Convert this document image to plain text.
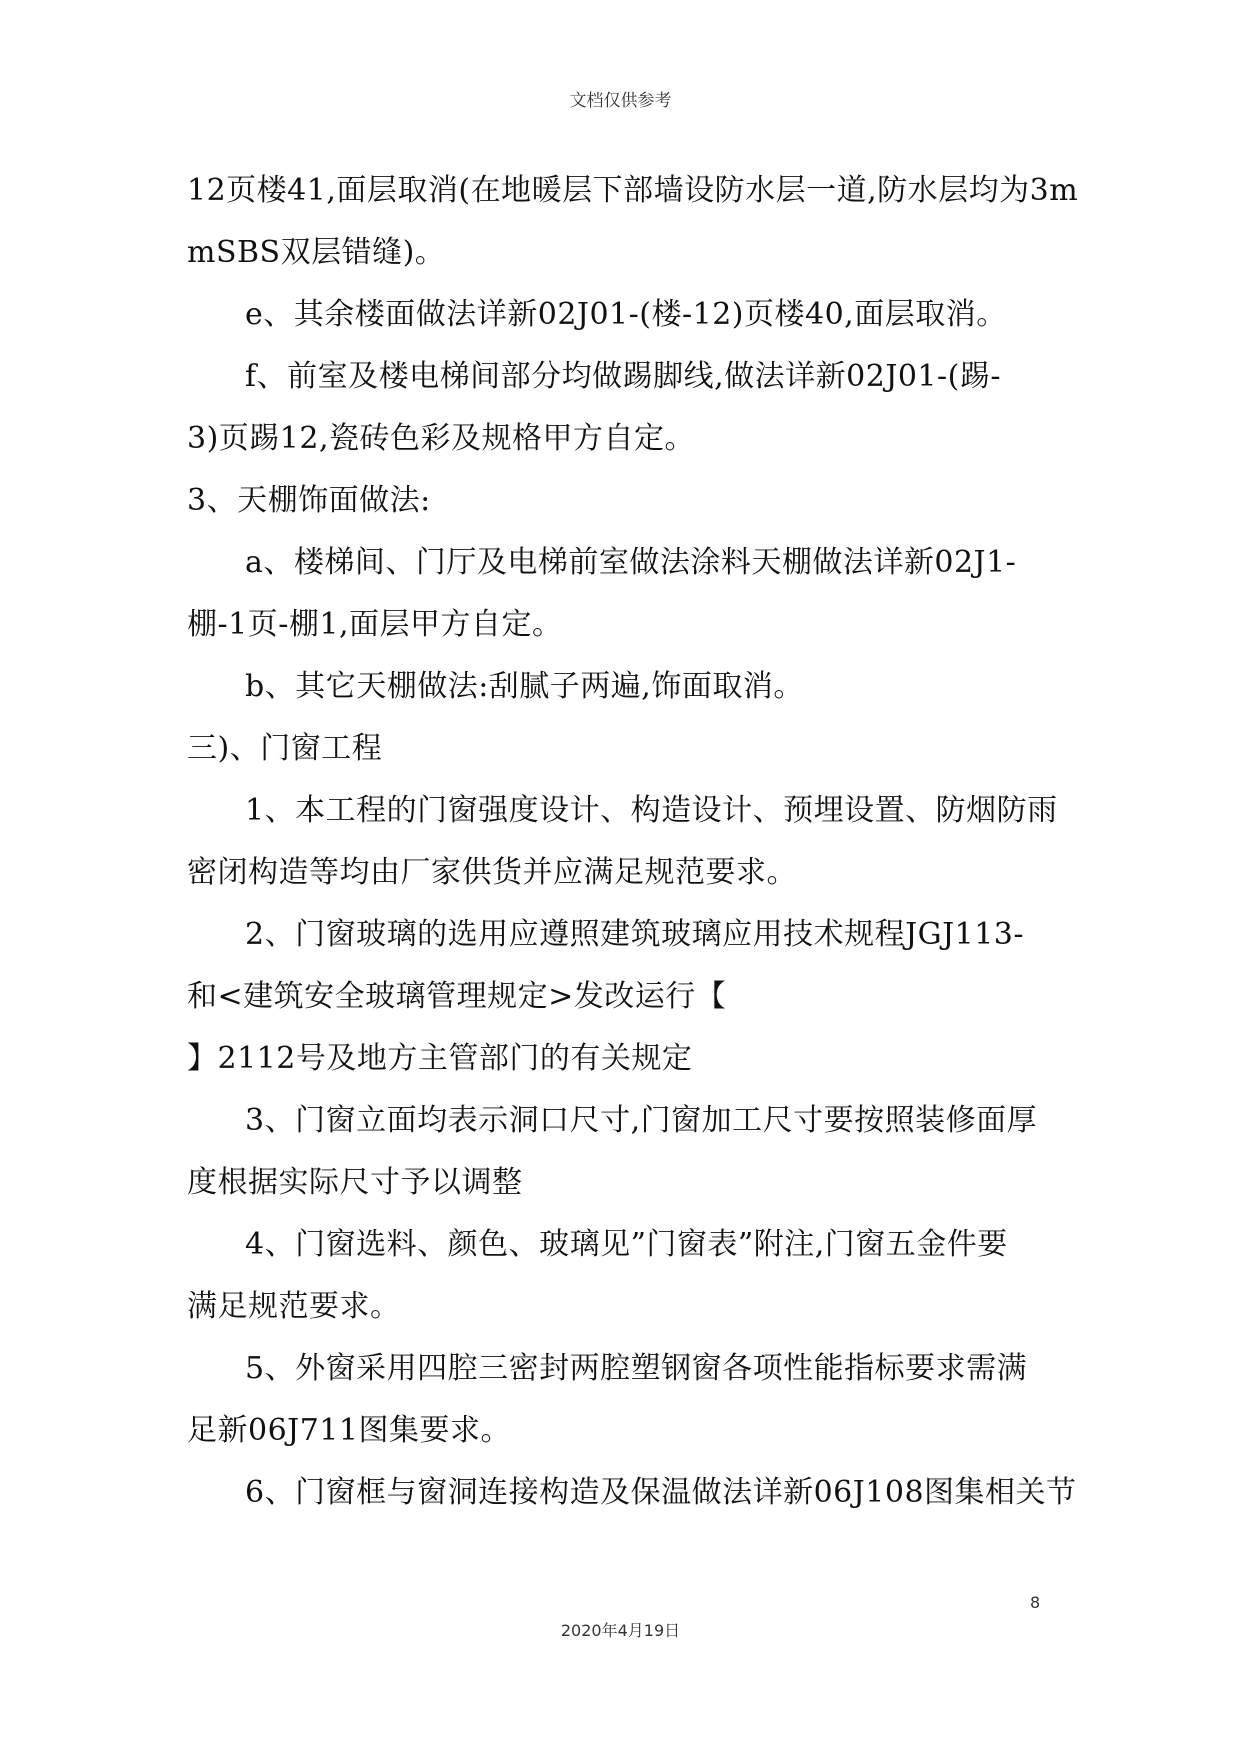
文档仅供参考
12页楼41,面层取消(在地暖层下部墙设防水层一道,防水层均为3m
mSBS双层错缝)。
e、其余楼面做法详新02J01-(楼-12)页楼40,面层取消。
f、前室及楼电梯间部分均做踢脚线,做法详新02J01-(踢-
3)页踢12,瓷砖色彩及规格甲方自定。
3、天棚饰面做法:
a、楼梯间、门厅及电梯前室做法涂料天棚做法详新02J1-
棚-1页-棚1,面层甲方自定。
b、其它天棚做法:刮腻子两遍,饰面取消。
三)、门窗工程
1、本工程的门窗强度设计、构造设计、预埋设置、防烟防雨
密闭构造等均由厂家供货并应满足规范要求。
2、门窗玻璃的选用应遵照建筑玻璃应用技术规程JGJ113-
和<建筑安全玻璃管理规定>发改运行【
】2112号及地方主管部门的有关规定
3、门窗立面均表示洞口尺寸,门窗加工尺寸要按照装修面厚
度根据实际尺寸予以调整
4、门窗选料、颜色、玻璃见”门窗表”附注,门窗五金件要
满足规范要求。
5、外窗采用四腔三密封两腔塑钢窗各项性能指标要求需满
足新06J711图集要求。
6、门窗框与窗洞连接构造及保温做法详新06J108图集相关节
8
2020年4月19日
